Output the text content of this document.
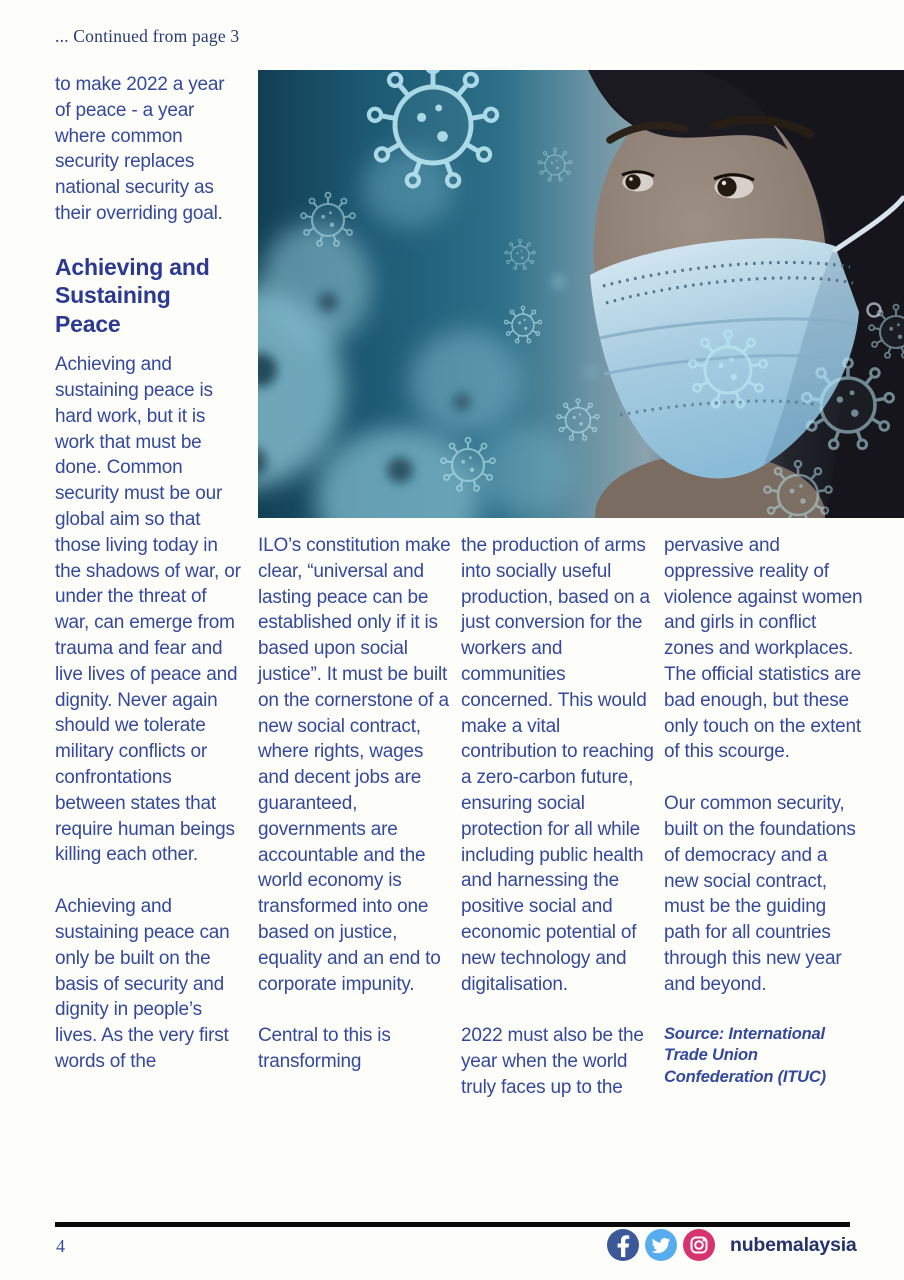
... Continued from page 3

to make 2022 a year of peace - a year where common security replaces national security as their overriding goal.

Achieving and Sustaining Peace

Achieving and sustaining peace is hard work, but it is work that must be done. Common security must be our global aim so that those living today in the shadows of war, or under the threat of war, can emerge from trauma and fear and live lives of peace and dignity. Never again should we tolerate military conflicts or confrontations between states that require human beings killing each other.

Achieving and sustaining peace can only be built on the basis of security and dignity in people’s lives. As the very first words of the

ILO’s constitution make clear, “universal and lasting peace can be established only if it is based upon social justice”. It must be built on the cornerstone of a new social contract, where rights, wages and decent jobs are guaranteed, governments are accountable and the world economy is transformed into one based on justice, equality and an end to corporate impunity.

Central to this is transforming

the production of arms into socially useful production, based on a just conversion for the workers and communities concerned. This would make a vital contribution to reaching a zero-carbon future, ensuring social protection for all while including public health and harnessing the positive social and economic potential of new technology and digitalisation.

2022 must also be the year when the world truly faces up to the

pervasive and oppressive reality of violence against women and girls in conflict zones and workplaces. The official statistics are bad enough, but these only touch on the extent of this scourge.

Our common security, built on the foundations of democracy and a new social contract, must be the guiding path for all countries through this new year and beyond.

Source: International Trade Union Confederation (ITUC)

4	nubemalaysia
